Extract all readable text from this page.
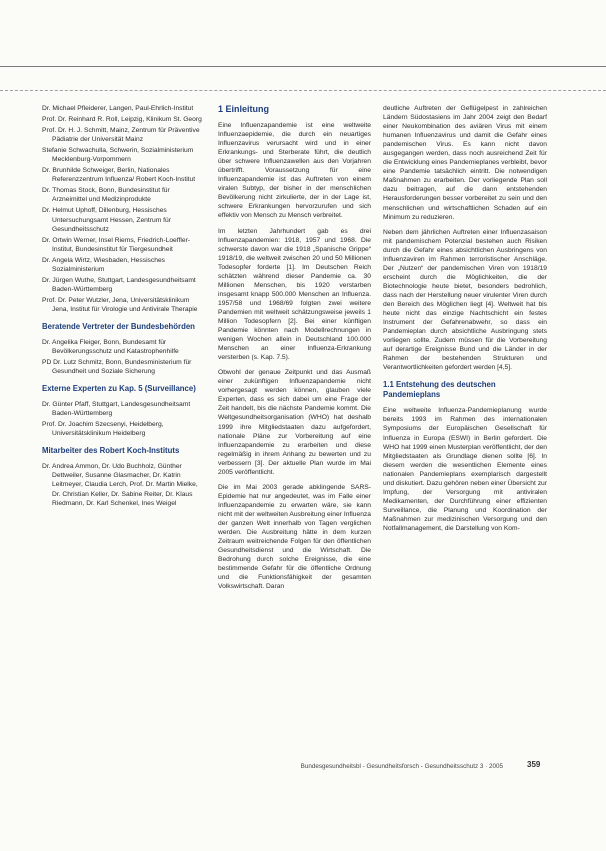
Dr. Michael Pfleiderer, Langen, Paul-Ehrlich-Institut
Prof. Dr. Reinhard R. Roll, Leipzig, Klinikum St. Georg
Prof. Dr. H. J. Schmitt, Mainz, Zentrum für Präventive Pädiatrie der Universität Mainz
Stefanie Schwachulla, Schwerin, Sozialministerium Mecklenburg-Vorpommern
Dr. Brunhilde Schweiger, Berlin, Nationales Referenzzentrum Influenza/ Robert Koch-Institut
Dr. Thomas Stock, Bonn, Bundesinstitut für Arzneimittel und Medizinprodukte
Dr. Helmut Uphoff, Dillenburg, Hessisches Untersuchungsamt Hessen, Zentrum für Gesundheitsschutz
Dr. Ortwin Werner, Insel Riems, Friedrich-Loeffler-Institut, Bundesinstitut für Tiergesundheit
Dr. Angela Wirtz, Wiesbaden, Hessisches Sozialministerium
Dr. Jürgen Wuthe, Stuttgart, Landesgesundheitsamt Baden-Württemberg
Prof. Dr. Peter Wutzler, Jena, Universitätsklinikum Jena, Institut für Virologie und Antivirale Therapie
Beratende Vertreter der Bundesbehörden
Dr. Angelika Fleiger, Bonn, Bundesamt für Bevölkerungsschutz und Katastrophenhilfe
PD Dr. Lutz Schmitz, Bonn, Bundesministerium für Gesundheit und Soziale Sicherung
Externe Experten zu Kap. 5 (Surveillance)
Dr. Günter Pfaff, Stuttgart, Landesgesundheitsamt Baden-Württemberg
Prof. Dr. Joachim Szecsenyi, Heidelberg, Universitätsklinikum Heidelberg
Mitarbeiter des Robert Koch-Instituts
Dr. Andrea Ammon, Dr. Udo Buchholz, Günther Dettweiler, Susanne Glasmacher, Dr. Katrin Leitmeyer, Claudia Lerch, Prof. Dr. Martin Mielke, Dr. Christian Keller, Dr. Sabine Reiter, Dr. Klaus Riedmann, Dr. Karl Schenkel, Ines Weigel
1 Einleitung

Eine Influenzapandemie ist eine weltweite Influenzaepidemie, die durch ein neuartiges Influenzavirus verursacht wird und in einer Erkrankungs- und Sterberate führt, die deutlich über schwere Influenzawellen aus den Vorjahren übertrifft. Voraussetzung für eine Influenzapandemie ist das Auftreten von einem viralen Subtyp, der bisher in der menschlichen Bevölkerung nicht zirkulierte, der in der Lage ist, schwere Erkrankungen hervorzurufen und sich effektiv von Mensch zu Mensch verbreitet.

Im letzten Jahrhundert gab es drei Influenzapandemien: 1918, 1957 und 1968. Die schwerste davon war die 1918 „Spanische Grippe“ 1918/19, die weltweit zwischen 20 und 50 Millionen Todesopfer forderte [1]. Im Deutschen Reich schätzten während dieser Pandemie ca. 30 Millionen Menschen, bis 1920 verstarben insgesamt knapp 500.000 Menschen an Influenza. 1957/58 und 1968/69 folgten zwei weitere Pandemien mit weltweit schätzungsweise jeweils 1 Million Todesopfern [2]. Bei einer künftigen Pandemie könnten nach Modellrechnungen in wenigen Wochen allein in Deutschland 100.000 Menschen an einer Influenza-Erkrankung versterben (s. Kap. 7.5).

Obwohl der genaue Zeitpunkt und das Ausmaß einer zukünftigen Influenzapandemie nicht vorhergesagt werden können, glauben viele Experten, dass es sich dabei um eine Frage der Zeit handelt, bis die nächste Pandemie kommt. Die Weltgesundheitsorganisation (WHO) hat deshalb 1999 ihre Mitgliedstaaten dazu aufgefordert, nationale Pläne zur Vorbereitung auf eine Influenzapandemie zu erarbeiten und diese regelmäßig in ihrem Anhang zu bewerten und zu verbessern [3]. Der aktuelle Plan wurde im Mai 2005 veröffentlicht.

Die im Mai 2003 gerade abklingende SARS-Epidemie hat nur angedeutet, was im Falle einer Influenzapandemie zu erwarten wäre, sie kann nicht mit der weltweiten Ausbreitung einer Influenza der ganzen Welt innerhalb von Tagen verglichen werden. Die Ausbreitung hätte in dem kurzen Zeitraum weitreichende Folgen für den öffentlichen Gesundheitsdienst und die Wirtschaft. Die Bedrohung durch solche Ereignisse, die eine bestimmende Gefahr für die öffentliche Ordnung und die Funktionsfähigkeit der gesamten Volkswirtschaft. Daran

deutliche Auftreten der Geflügelpest in zahlreichen Ländern Südostasiens im Jahr 2004 zeigt den Bedarf einer Neukombination des aviären Virus mit einem humanen Influenzavirus und damit die Gefahr eines pandemischen Virus. Es kann nicht davon ausgegangen werden, dass noch ausreichend Zeit für die Entwicklung eines Pandemieplanes verbleibt, bevor eine Pandemie tatsächlich eintritt. Die notwendigen Maßnahmen zu erarbeiten. Der vorliegende Plan soll dazu beitragen, auf die dann entstehenden Herausforderungen besser vorbereitet zu sein und den menschlichen und wirtschaftlichen Schaden auf ein Minimum zu reduzieren.

Neben dem jährlichen Auftreten einer Influenzasaison mit pandemischem Potenzial bestehen auch Risiken durch die Gefahr eines absichtlichen Ausbringens von Influenzaviren im Rahmen terroristischer Anschläge. Der „Nutzen“ der pandemischen Viren von 1918/19 erscheint durch die Möglichkeiten, die der Biotechnologie heute bietet, besonders bedrohlich, dass nach der Herstellung neuer virulenter Viren durch den Bereich des Möglichen liegt [4]. Weltweit hat bis heute nicht das einzige Nachtschicht ein festes Instrument der Gefahrenabwehr, so dass ein Pandemieplan durch absichtliche Ausbringung stets vorliegen sollte. Zudem müssen für die Vorbereitung auf derartige Ereignisse Bund und die Länder in der Rahmen der bestehenden Strukturen und Verantwortlichkeiten gefordert werden [4,5].

1.1 Entstehung des deutschen Pandemieplans

Eine weltweite Influenza-Pandemieplanung wurde bereits 1993 im Rahmen des internationalen Symposiums der Europäischen Gesellschaft für Influenza in Europa (ESWI) in Berlin gefordert. Die WHO hat 1999 einen Musterplan veröffentlicht, der den Mitgliedstaaten als Grundlage dienen sollte [6]. In diesem werden die wesentlichen Elemente eines nationalen Pandemieplans exemplarisch dargestellt und diskutiert. Dazu gehören neben einer Übersicht zur Impfung, der Versorgung mit antiviralen Medikamenten, der Durchführung einer effizienten Surveillance, die Planung und Koordination der Maßnahmen zur medizinischen Versorgung und den Notfallmanagement, die Darstellung von Kom-

Bundesgesundheitsbl - Gesundheitsforsch - Gesundheitsschutz 3 · 2005	359
